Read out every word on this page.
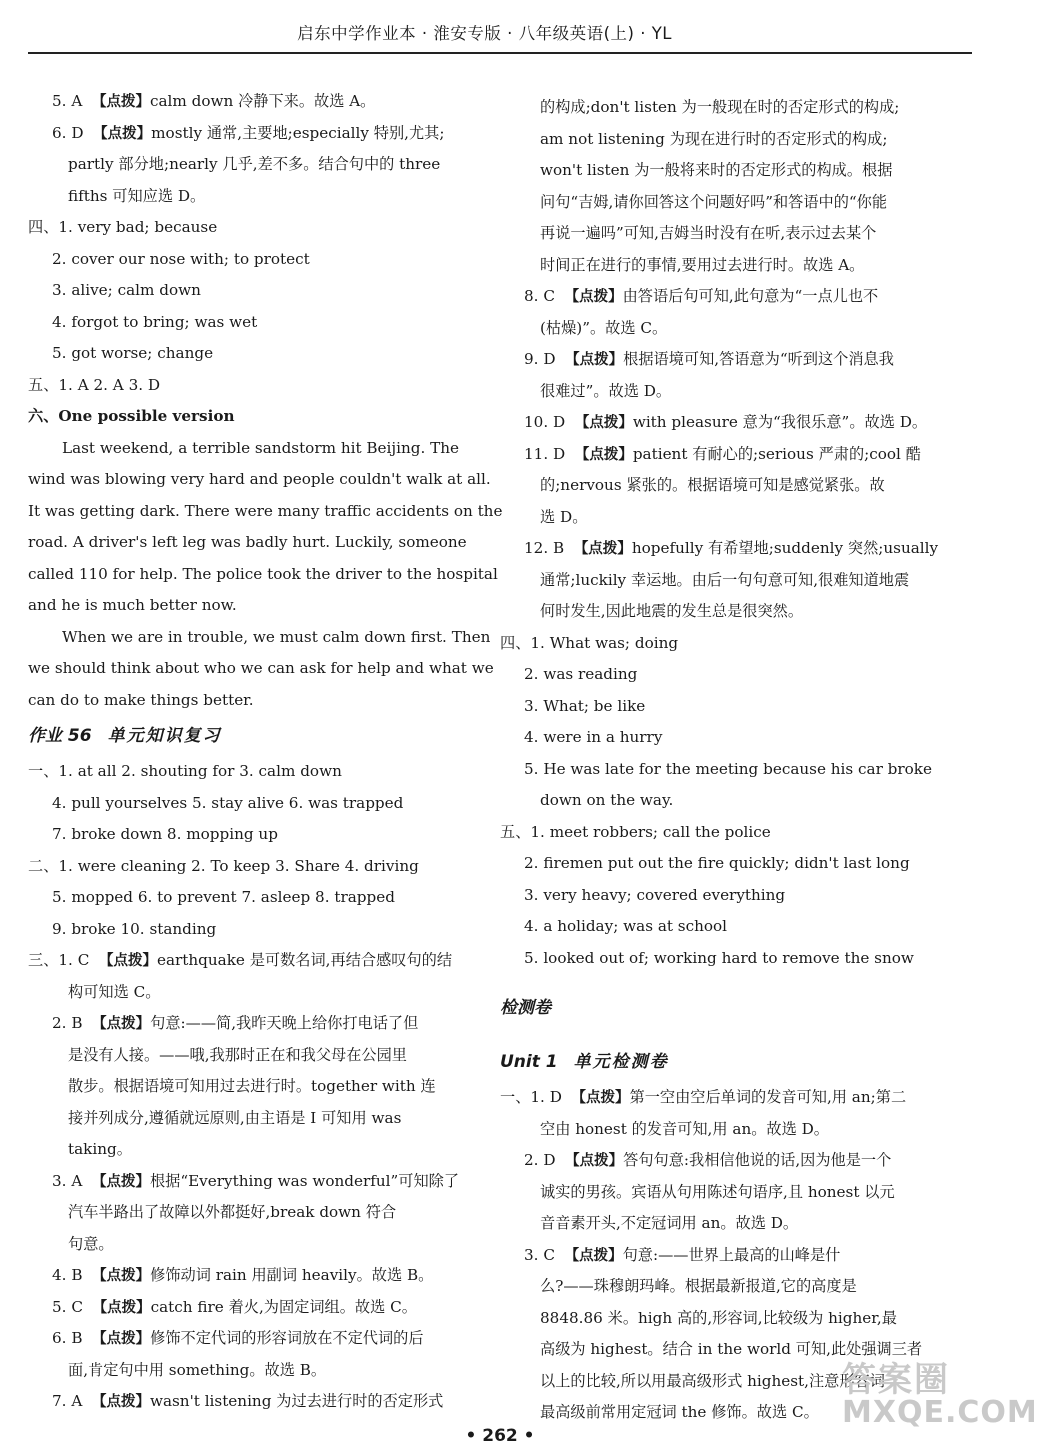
启东中学作业本 · 淮安专版 · 八年级英语(上) · YL
5. A 【点拨】calm down 冷静下来。故选 A。
6. D 【点拨】mostly 通常,主要地;especially 特别,尤其;
partly 部分地;nearly 几乎,差不多。结合句中的 three
fifths 可知应选 D。
四、1. very bad; because
2. cover our nose with; to protect
3. alive; calm down
4. forgot to bring; was wet
5. got worse; change
五、1. A 2. A 3. D
六、One possible version
Last weekend, a terrible sandstorm hit Beijing. The
wind was blowing very hard and people couldn't walk at all.
It was getting dark. There were many traffic accidents on the
road. A driver's left leg was badly hurt. Luckily, someone
called 110 for help. The police took the driver to the hospital
and he is much better now.
When we are in trouble, we must calm down first. Then
we should think about who we can ask for help and what we
can do to make things better.
作业 56 单元知识复习
一、1. at all 2. shouting for 3. calm down
4. pull yourselves 5. stay alive 6. was trapped
7. broke down 8. mopping up
二、1. were cleaning 2. To keep 3. Share 4. driving
5. mopped 6. to prevent 7. asleep 8. trapped
9. broke 10. standing
三、1. C 【点拨】earthquake 是可数名词,再结合感叹句的结
构可知选 C。
2. B 【点拨】句意:——简,我昨天晚上给你打电话了但
是没有人接。——哦,我那时正在和我父母在公园里
散步。根据语境可知用过去进行时。together with 连
接并列成分,遵循就远原则,由主语是 I 可知用 was
taking。
3. A 【点拨】根据“Everything was wonderful”可知除了
汽车半路出了故障以外都挺好,break down 符合
句意。
4. B 【点拨】修饰动词 rain 用副词 heavily。故选 B。
5. C 【点拨】catch fire 着火,为固定词组。故选 C。
6. B 【点拨】修饰不定代词的形容词放在不定代词的后
面,肯定句中用 something。故选 B。
7. A 【点拨】wasn't listening 为过去进行时的否定形式
的构成;don't listen 为一般现在时的否定形式的构成;
am not listening 为现在进行时的否定形式的构成;
won't listen 为一般将来时的否定形式的构成。根据
问句“吉姆,请你回答这个问题好吗”和答语中的“你能
再说一遍吗”可知,吉姆当时没有在听,表示过去某个
时间正在进行的事情,要用过去进行时。故选 A。
8. C 【点拨】由答语后句可知,此句意为“一点儿也不
(枯燥)”。故选 C。
9. D 【点拨】根据语境可知,答语意为“听到这个消息我
很难过”。故选 D。
10. D 【点拨】with pleasure 意为“我很乐意”。故选 D。
11. D 【点拨】patient 有耐心的;serious 严肃的;cool 酷
的;nervous 紧张的。根据语境可知是感觉紧张。故
选 D。
12. B 【点拨】hopefully 有希望地;suddenly 突然;usually
通常;luckily 幸运地。由后一句句意可知,很难知道地震
何时发生,因此地震的发生总是很突然。
四、1. What was; doing
2. was reading
3. What; be like
4. were in a hurry
5. He was late for the meeting because his car broke
down on the way.
五、1. meet robbers; call the police
2. firemen put out the fire quickly; didn't last long
3. very heavy; covered everything
4. a holiday; was at school
5. looked out of; working hard to remove the snow
检测卷
Unit 1 单元检测卷
一、1. D 【点拨】第一空由空后单词的发音可知,用 an;第二
空由 honest 的发音可知,用 an。故选 D。
2. D 【点拨】答句句意:我相信他说的话,因为他是一个
诚实的男孩。宾语从句用陈述句语序,且 honest 以元
音音素开头,不定冠词用 an。故选 D。
3. C 【点拨】句意:——世界上最高的山峰是什
么?——珠穆朗玛峰。根据最新报道,它的高度是
8848.86 米。high 高的,形容词,比较级为 higher,最
高级为 highest。结合 in the world 可知,此处强调三者
以上的比较,所以用最高级形式 highest,注意形容词
最高级前常用定冠词 the 修饰。故选 C。
• 262 •
答案圈
MXQE.COM
